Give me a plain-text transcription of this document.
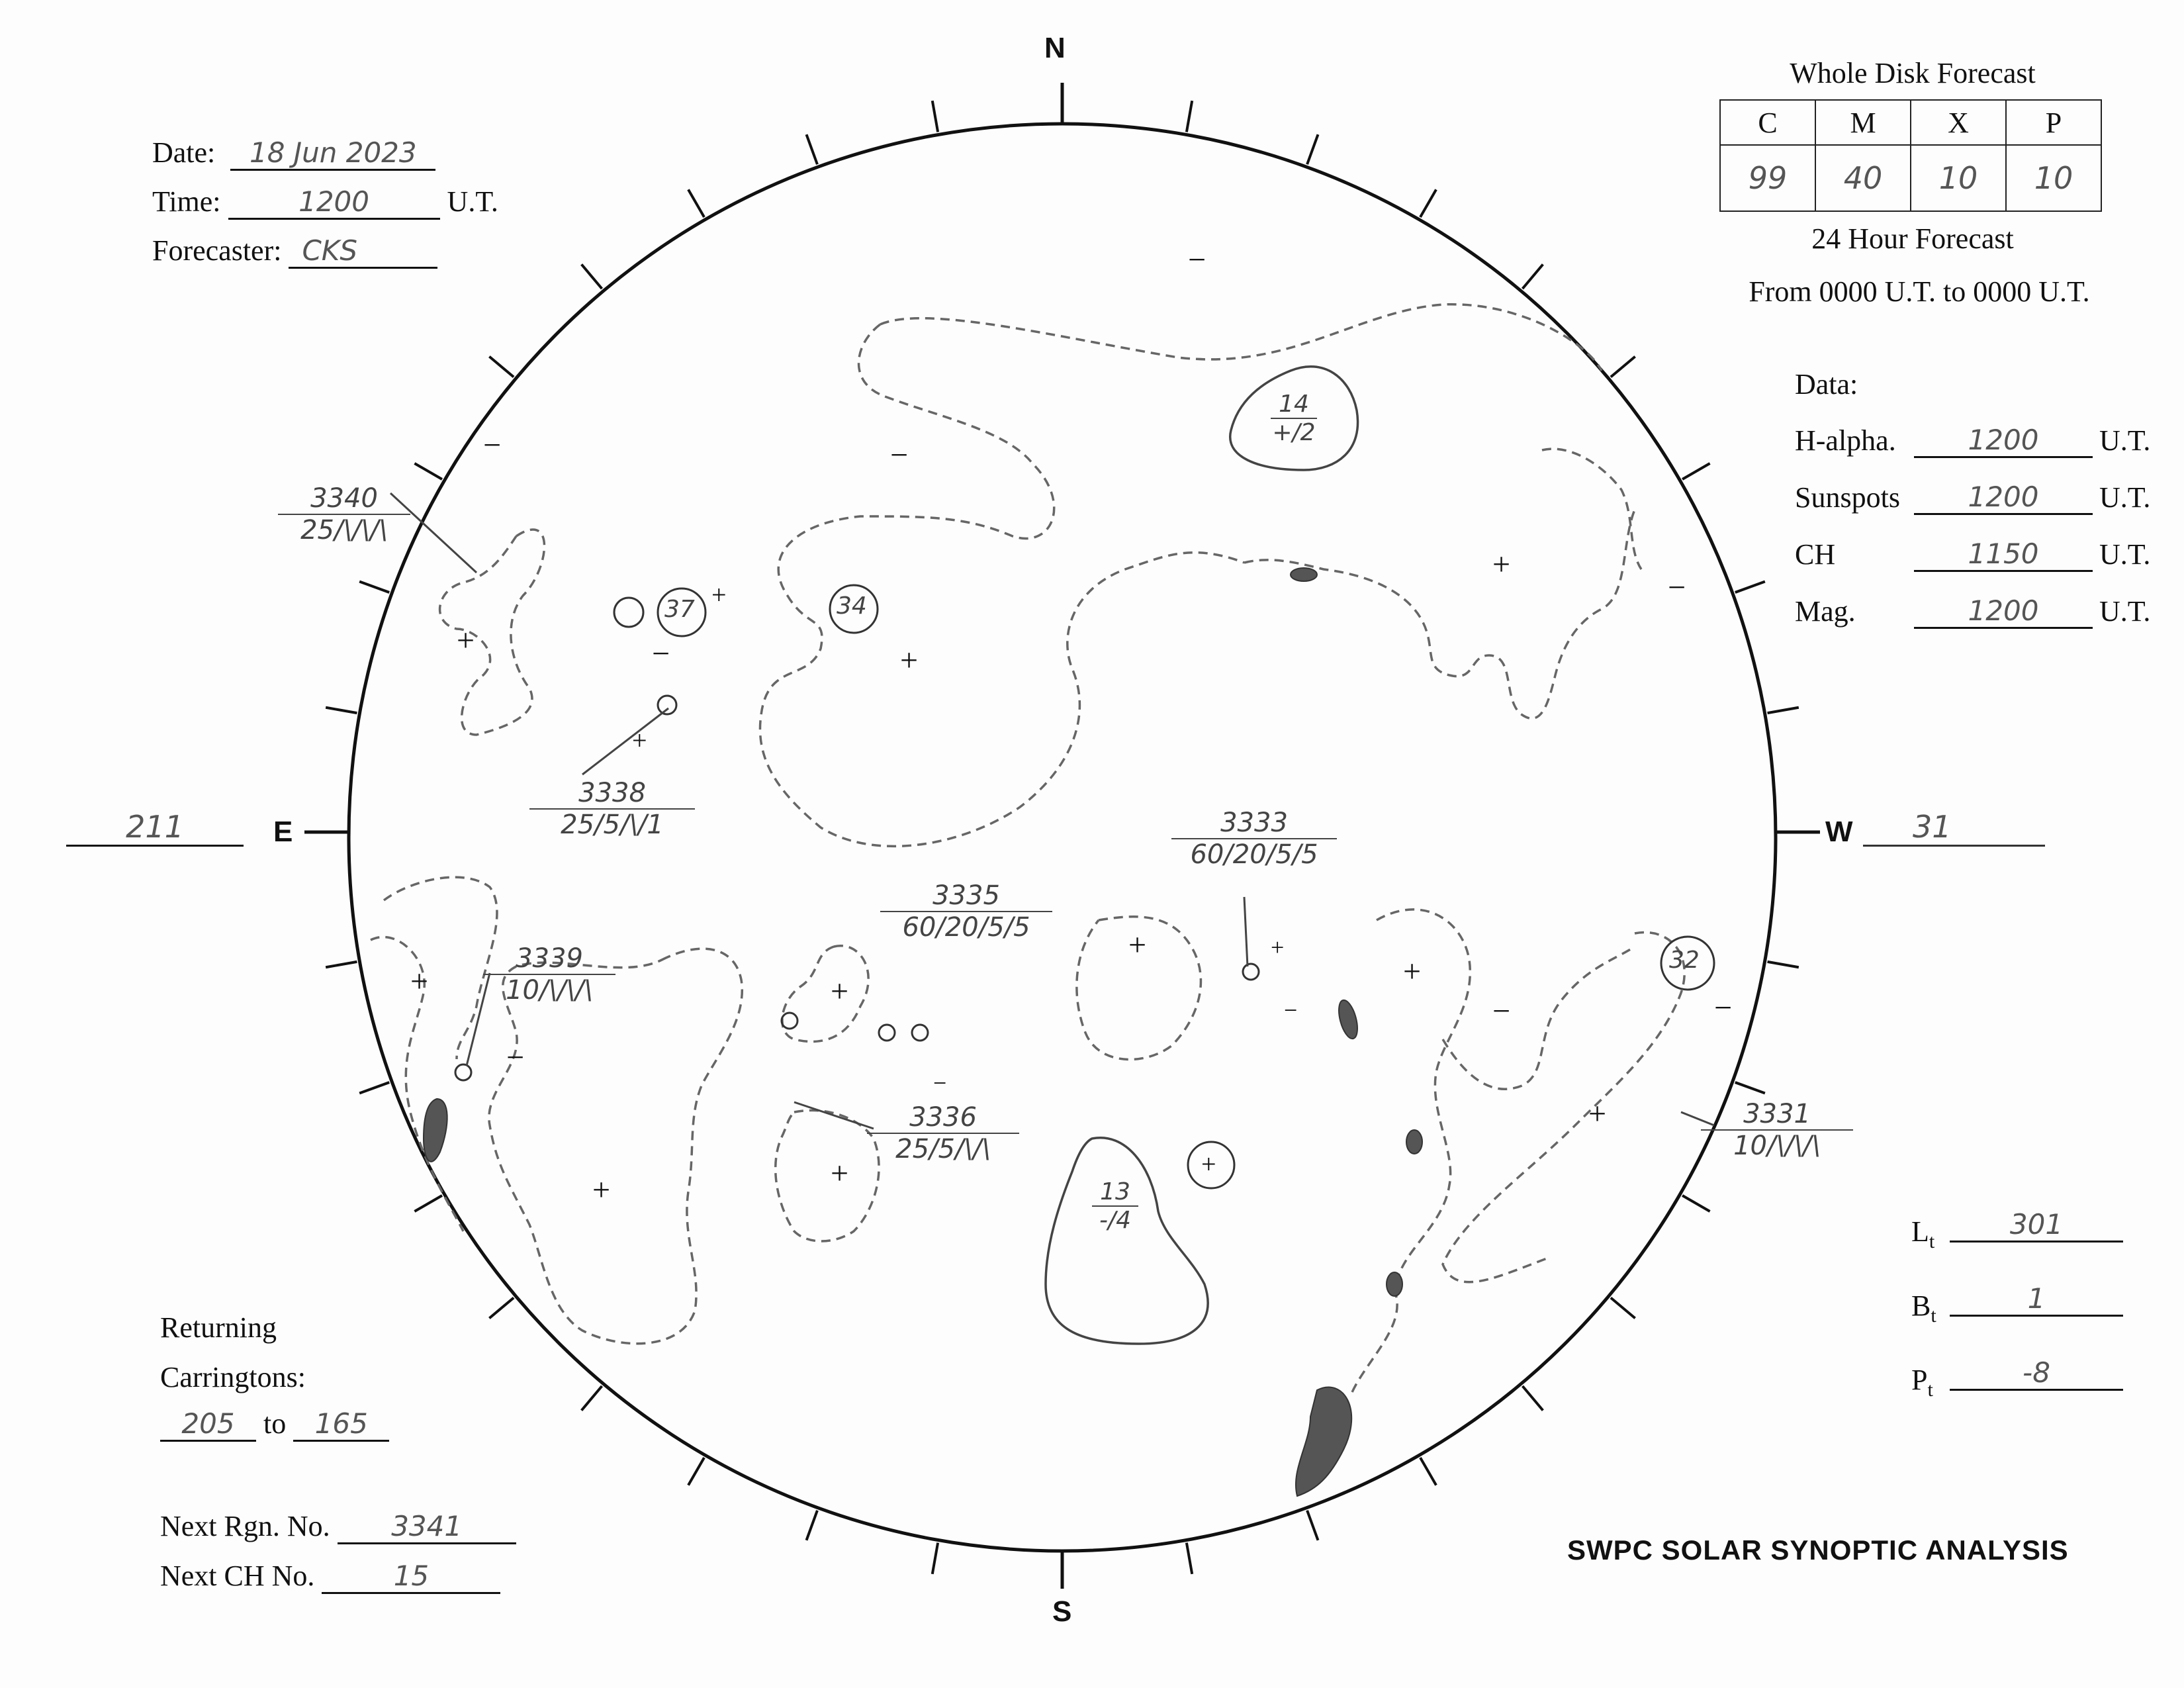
+
+
+
+
+
+	+
+
+
+	+
+
+
+
−
−	−
−
−
−	−
−
−
−
N
S
E	W
211	31
Date: 18 Jun 2023
Time:	1200	U.T.
Forecaster: CKS
Whole Disk Forecast
C	M	X	P
99	40	10	10
24 Hour Forecast
From 0000 U.T. to 0000 U.T.
Data:
H-alpha.	1200	U.T.
Sunspots	1200	U.T.
CH	1150	U.T.
Mag.	1200	U.T.
$L_t$
301
$B_t$
1
$P_t$
-8
Returning
Carringtons:
205 to 165
Next Rgn. No. 3341
Next CH No.	15
SWPC SOLAR SYNOPTIC ANALYSIS
3340
25/\/\/\
3338
25/5/\/1
3335
60/20/5/5
3333
60/20/5/5
3339
10/\/\/\
3336
25/5/\/\
3331
10/\/\/\
34
37
32
14
+/2
13
-/4
